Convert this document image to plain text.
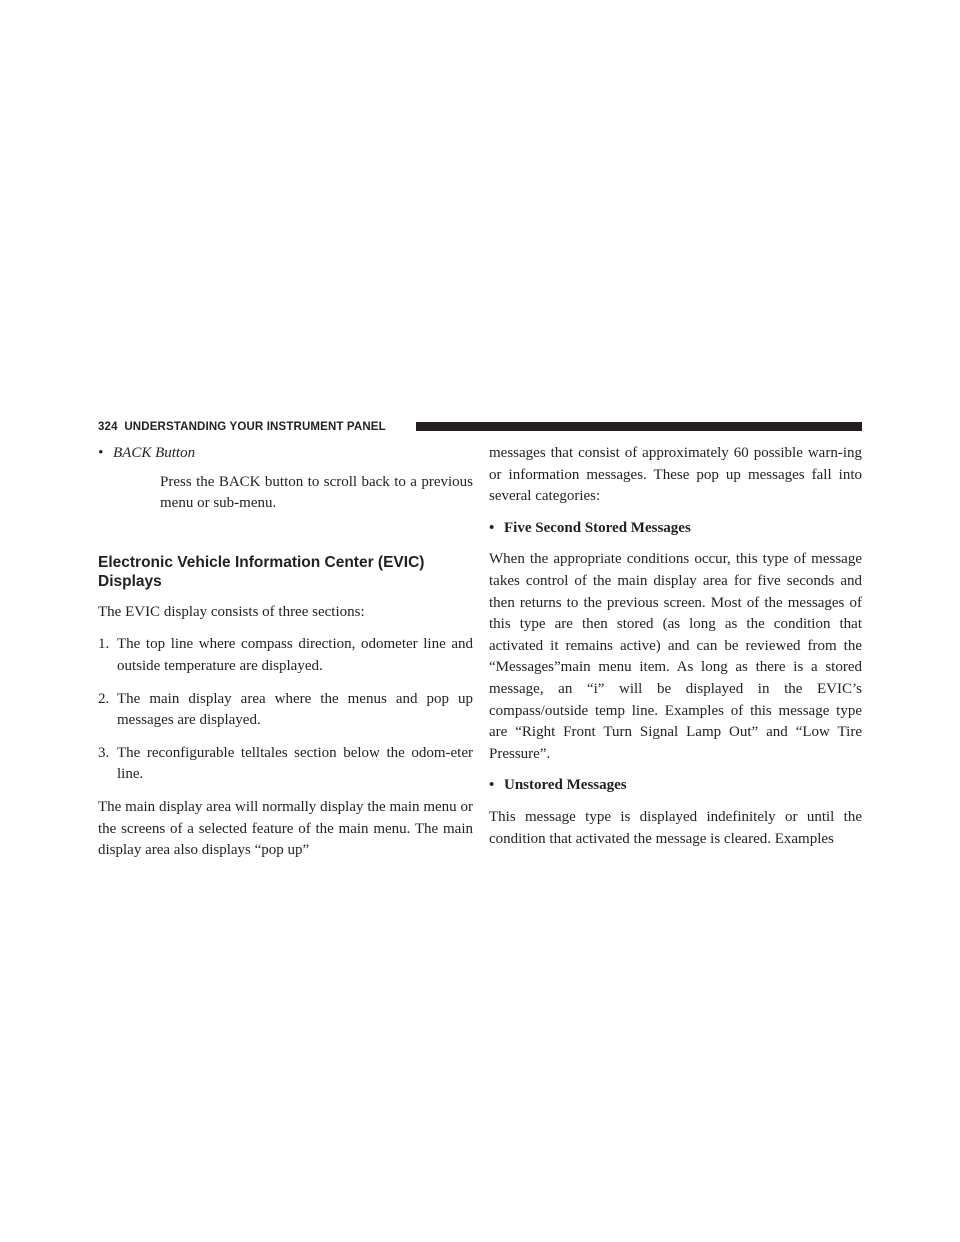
324 UNDERSTANDING YOUR INSTRUMENT PANEL
• BACK Button

Press the BACK button to scroll back to a previous menu or sub-menu.

Electronic Vehicle Information Center (EVIC) Displays

The EVIC display consists of three sections:

1. The top line where compass direction, odometer line and outside temperature are displayed.
2. The main display area where the menus and pop up messages are displayed.
3. The reconfigurable telltales section below the odom-eter line.

The main display area will normally display the main menu or the screens of a selected feature of the main menu. The main display area also displays “pop up”

messages that consist of approximately 60 possible warn-ing or information messages. These pop up messages fall into several categories:

• Five Second Stored Messages

When the appropriate conditions occur, this type of message takes control of the main display area for five seconds and then returns to the previous screen. Most of the messages of this type are then stored (as long as the condition that activated it remains active) and can be reviewed from the “Messages”main menu item. As long as there is a stored message, an “i” will be displayed in the EVIC’s compass/outside temp line. Examples of this message type are “Right Front Turn Signal Lamp Out” and “Low Tire Pressure”.

• Unstored Messages

This message type is displayed indefinitely or until the condition that activated the message is cleared. Examples
